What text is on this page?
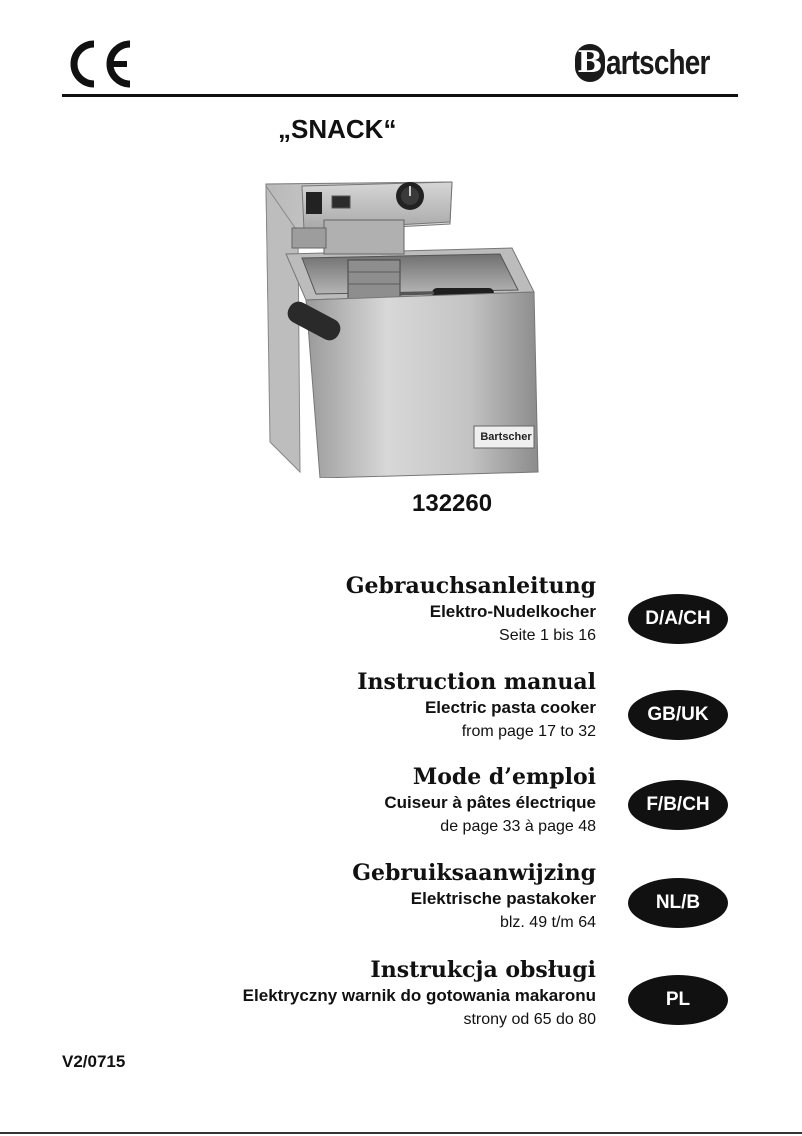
B artscher
„SNACK“
Bartscher
132260
Gebrauchsanleitung
Elektro-Nudelkocher
Seite 1 bis 16
D/A/CH
Instruction manual
Electric pasta cooker
from page 17 to 32
GB/UK
Mode d’emploi
Cuiseur à pâtes électrique
de page 33 à page 48
F/B/CH
Gebruiksaanwijzing
Elektrische pastakoker
blz. 49 t/m 64
NL/B
Instrukcja obsługi
Elektryczny warnik do gotowania makaronu
strony od 65 do 80
PL
V2/0715
